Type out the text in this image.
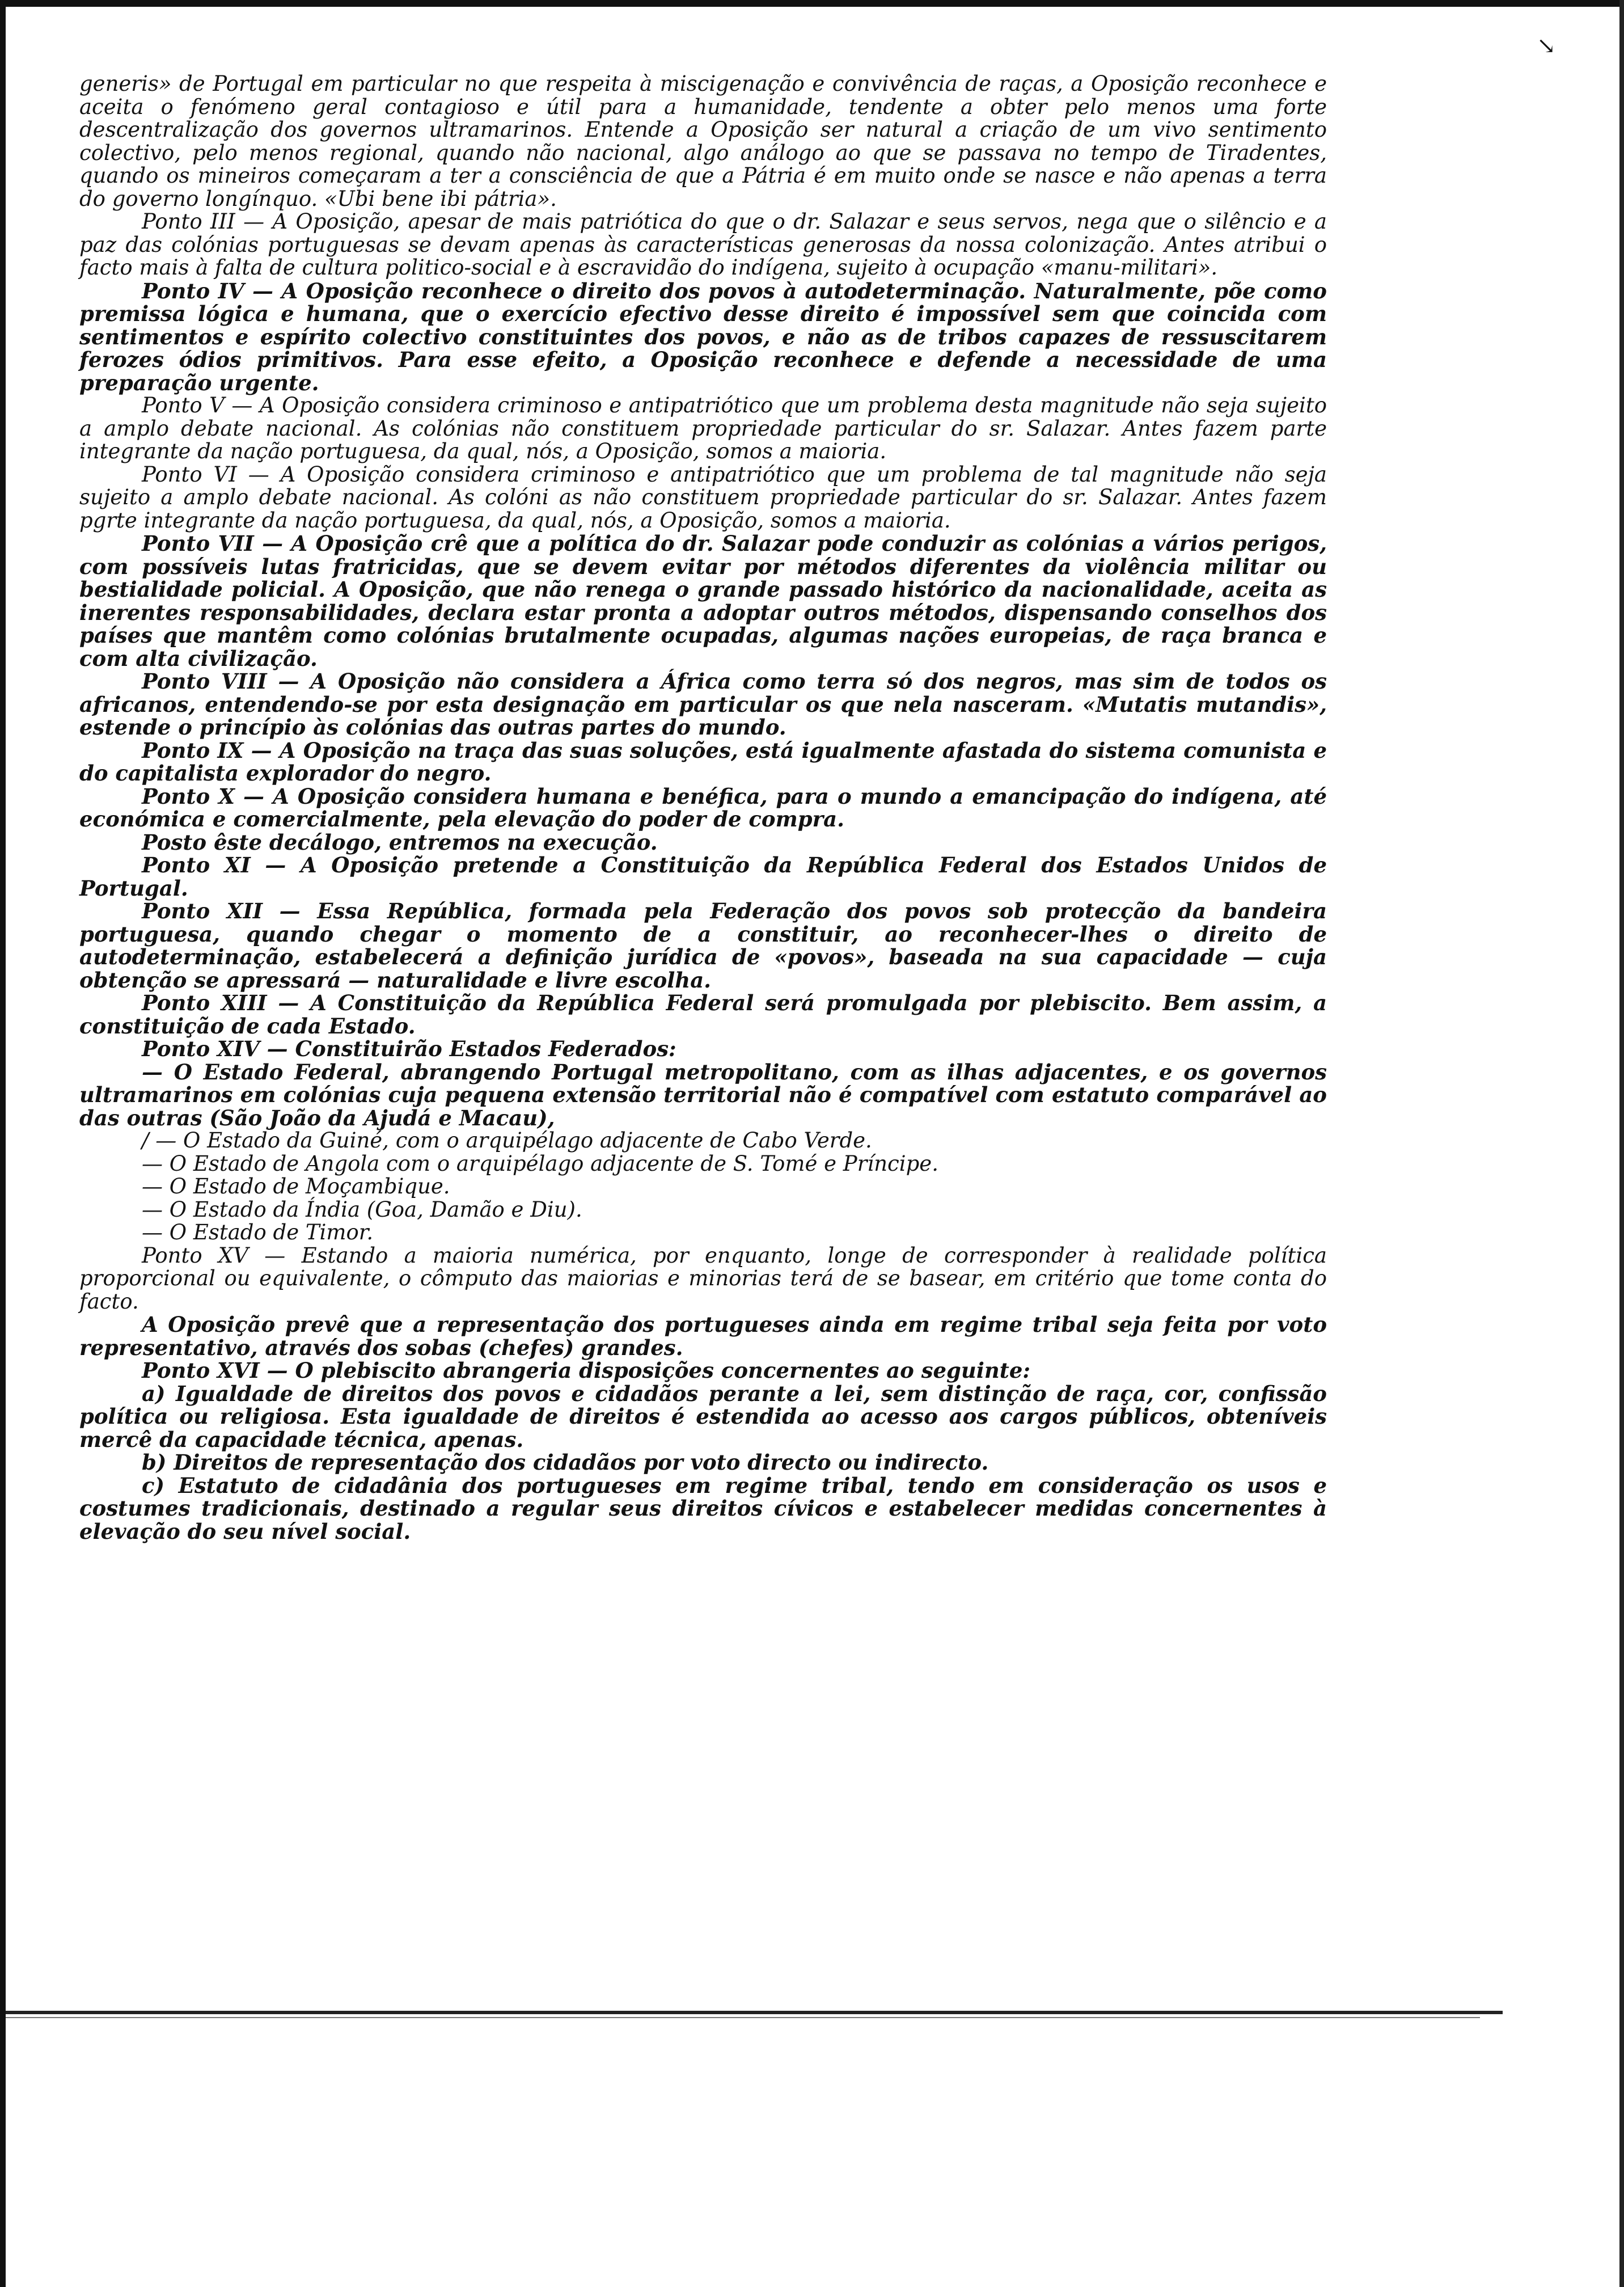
↘

generis» de Portugal em particular no que respeita à miscigenação e convivência de raças, a Oposição reconhece e aceita o fenómeno geral contagioso e útil para a humanidade, tendente a obter pelo menos uma forte descentralização dos governos ultramarinos. Entende a Oposição ser natural a criação de um vivo sentimento colectivo, pelo menos regional, quando não nacional, algo análogo ao que se passava no tempo de Tiradentes, quando os mineiros começaram a ter a consciência de que a Pátria é em muito onde se nasce e não apenas a terra do governo longínquo. «Ubi bene ibi pátria».

Ponto III — A Oposição, apesar de mais patriótica do que o dr. Salazar e seus servos, nega que o silêncio e a paz das colónias portuguesas se devam apenas às características generosas da nossa colonização. Antes atribui o facto mais à falta de cultura politico-social e à escravidão do indígena, sujeito à ocupação «manu-militari».

Ponto IV — A Oposição reconhece o direito dos povos à autodeterminação. Naturalmente, põe como premissa lógica e humana, que o exercício efectivo desse direito é impossível sem que coincida com sentimentos e espírito colectivo constituintes dos povos, e não as de tribos capazes de ressuscitarem ferozes ódios primitivos. Para esse efeito, a Oposição reconhece e defende a necessidade de uma preparação urgente.

Ponto V — A Oposição considera criminoso e antipatriótico que um problema desta magnitude não seja sujeito a amplo debate nacional. As colónias não constituem propriedade particular do sr. Salazar. Antes fazem parte integrante da nação portuguesa, da qual, nós, a Oposição, somos a maioria.

Ponto VI — A Oposição considera criminoso e antipatriótico que um problema de tal magnitude não seja sujeito a amplo debate nacional. As colóni as não constituem propriedade particular do sr. Salazar. Antes fazem pgrte integrante da nação portuguesa, da qual, nós, a Oposição, somos a maioria.

Ponto VII — A Oposição crê que a política do dr. Salazar pode conduzir as colónias a vários perigos, com possíveis lutas fratricidas, que se devem evitar por métodos diferentes da violência militar ou bestialidade policial. A Oposição, que não renega o grande passado histórico da nacionalidade, aceita as inerentes responsabilidades, declara estar pronta a adoptar outros métodos, dispensando conselhos dos países que mantêm como colónias brutalmente ocupadas, algumas nações europeias, de raça branca e com alta civilização.

Ponto VIII — A Oposição não considera a África como terra só dos negros, mas sim de todos os africanos, entendendo-se por esta designação em particular os que nela nasceram. «Mutatis mutandis», estende o princípio às colónias das outras partes do mundo.

Ponto IX — A Oposição na traça das suas soluções, está igualmente afastada do sistema comunista e do capitalista explorador do negro.

Ponto X — A Oposição considera humana e benéfica, para o mundo a emancipação do indígena, até económica e comercialmente, pela elevação do poder de compra.

Posto êste decálogo, entremos na execução.

Ponto XI — A Oposição pretende a Constituição da República Federal dos Estados Unidos de Portugal.

Ponto XII — Essa República, formada pela Federação dos povos sob protecção da bandeira portuguesa, quando chegar o momento de a constituir, ao reconhecer-lhes o direito de autodeterminação, estabelecerá a definição jurídica de «povos», baseada na sua capacidade — cuja obtenção se apressará — naturalidade e livre escolha.

Ponto XIII — A Constituição da República Federal será promulgada por plebiscito. Bem assim, a constituição de cada Estado.

Ponto XIV — Constituirão Estados Federados:

— O Estado Federal, abrangendo Portugal metropolitano, com as ilhas adjacentes, e os governos ultramarinos em colónias cuja pequena extensão territorial não é compatível com estatuto comparável ao das outras (São João da Ajudá e Macau),

/ — O Estado da Guiné, com o arquipélago adjacente de Cabo Verde.

— O Estado de Angola com o arquipélago adjacente de S. Tomé e Príncipe.

— O Estado de Moçambique.

— O Estado da Índia (Goa, Damão e Diu).

— O Estado de Timor.

Ponto XV — Estando a maioria numérica, por enquanto, longe de corresponder à realidade política proporcional ou equivalente, o cômputo das maiorias e minorias terá de se basear, em critério que tome conta do facto.

A Oposição prevê que a representação dos portugueses ainda em regime tribal seja feita por voto representativo, através dos sobas (chefes) grandes.

Ponto XVI — O plebiscito abrangeria disposições concernentes ao seguinte:

a) Igualdade de direitos dos povos e cidadãos perante a lei, sem distinção de raça, cor, confissão política ou religiosa. Esta igualdade de direitos é estendida ao acesso aos cargos públicos, obteníveis mercê da capacidade técnica, apenas.

b) Direitos de representação dos cidadãos por voto directo ou indirecto.

c) Estatuto de cidadânia dos portugueses em regime tribal, tendo em consideração os usos e costumes tradicionais, destinado a regular seus direitos cívicos e estabelecer medidas concernentes à elevação do seu nível social.
